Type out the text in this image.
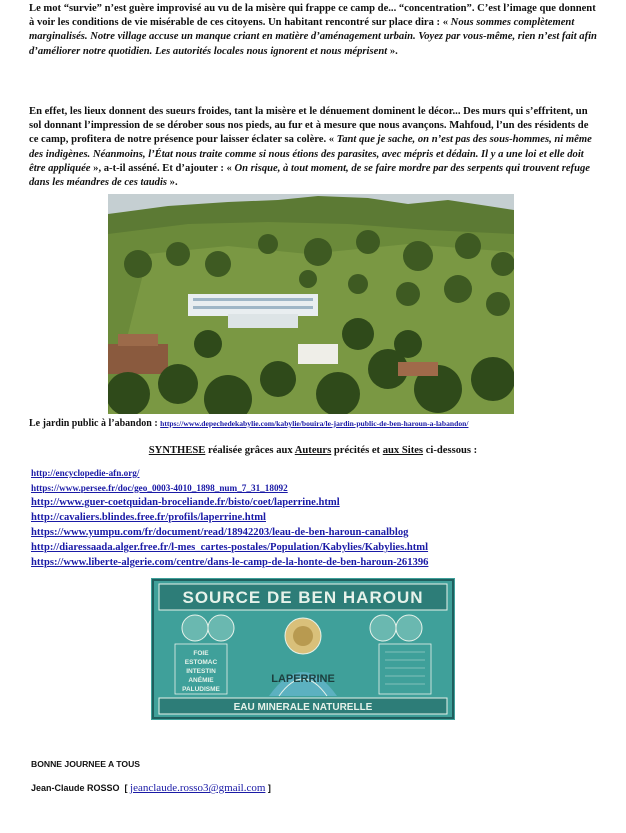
Le mot “survie” n’est guère improvisé au vu de la misère qui frappe ce camp de... “concentration”. C’est l’image que donnent à voir les conditions de vie misérable de ces citoyens. Un habitant rencontré sur place dira : « Nous sommes complètement marginalisés. Notre village accuse un manque criant en matière d’aménagement urbain. Voyez par vous-même, rien n’est fait afin d’améliorer notre quotidien. Les autorités locales nous ignorent et nous méprisent ».
En effet, les lieux donnent des sueurs froides, tant la misère et le dénuement dominent le décor... Des murs qui s’effritent, un sol donnant l’impression de se dérober sous nos pieds, au fur et à mesure que nous avançons. Mahfoud, l’un des résidents de ce camp, profitera de notre présence pour laisser éclater sa colère. « Tant que je sache, on n’est pas des sous-hommes, ni même des indigènes. Néanmoins, l’État nous traite comme si nous étions des parasites, avec mépris et dédain. Il y a une loi et elle doit être appliquée », a-t-il asséné. Et d’ajouter : « On risque, à tout moment, de se faire mordre par des serpents qui trouvent refuge dans les méandres de ces taudis ».
Le jardin public à l’abandon : https://www.depechedekabylie.com/kabylie/bouira/le-jardin-public-de-ben-haroun-a-labandon/
SYNTHESE réalisée grâces aux Auteurs précités et aux Sites ci-dessous :
http://encyclopedie-afn.org/
https://www.persee.fr/doc/geo_0003-4010_1898_num_7_31_18092
http://www.guer-coetquidan-broceliande.fr/bisto/coet/laperrine.html
http://cavaliers.blindes.free.fr/profils/laperrine.html
https://www.yumpu.com/fr/document/read/18942203/leau-de-ben-haroun-canalblog
http://diaressaada.alger.free.fr/l-mes_cartes-postales/Population/Kabylies/Kabylies.html
https://www.liberte-algerie.com/centre/dans-le-camp-de-la-honte-de-ben-haroun-261396
SOURCE DE BEN HAROUN
FOIE
ESTOMAC
INTESTIN
ANÉMIE
PALUDISME
LAPERRINE
EAU MINERALE NATURELLE
BONNE JOURNEE A TOUS
Jean-Claude ROSSO [ jeanclaude.rosso3@gmail.com ]
